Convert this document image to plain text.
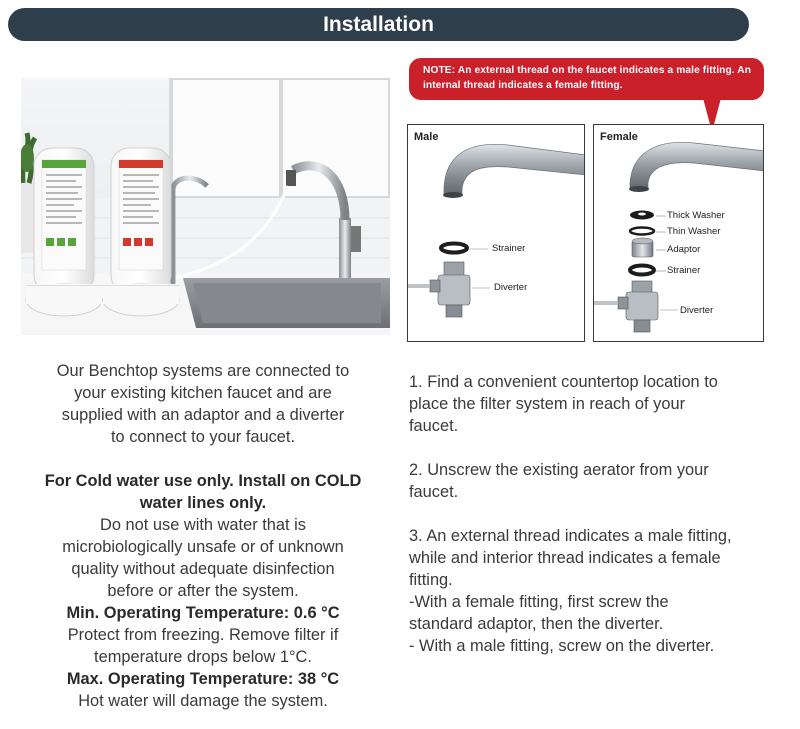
Installation
NOTE: An external thread on the faucet indicates a male fitting. An internal thread indicates a female fitting.
Male
Strainer
Diverter
Female
Thick Washer
Thin Washer
Adaptor
Strainer
Diverter
Our Benchtop systems are connected to
your existing kitchen faucet and are
supplied with an adaptor and a diverter
to connect to your faucet.
For Cold water use only. Install on COLD
water lines only.
Do not use with water that is
microbiologically unsafe or of unknown
quality without adequate disinfection
before or after the system.
Min. Operating Temperature: 0.6 °C
Protect from freezing. Remove filter if
temperature drops below 1°C.
Max. Operating Temperature: 38 °C
Hot water will damage the system.

1. Find a convenient countertop location to
place the filter system in reach of your
faucet.

2. Unscrew the existing aerator from your
faucet.

3. An external thread indicates a male fitting,
while and interior thread indicates a female
fitting.
-With a female fitting, first screw the
standard adaptor, then the diverter.
- With a male fitting, screw on the diverter.
